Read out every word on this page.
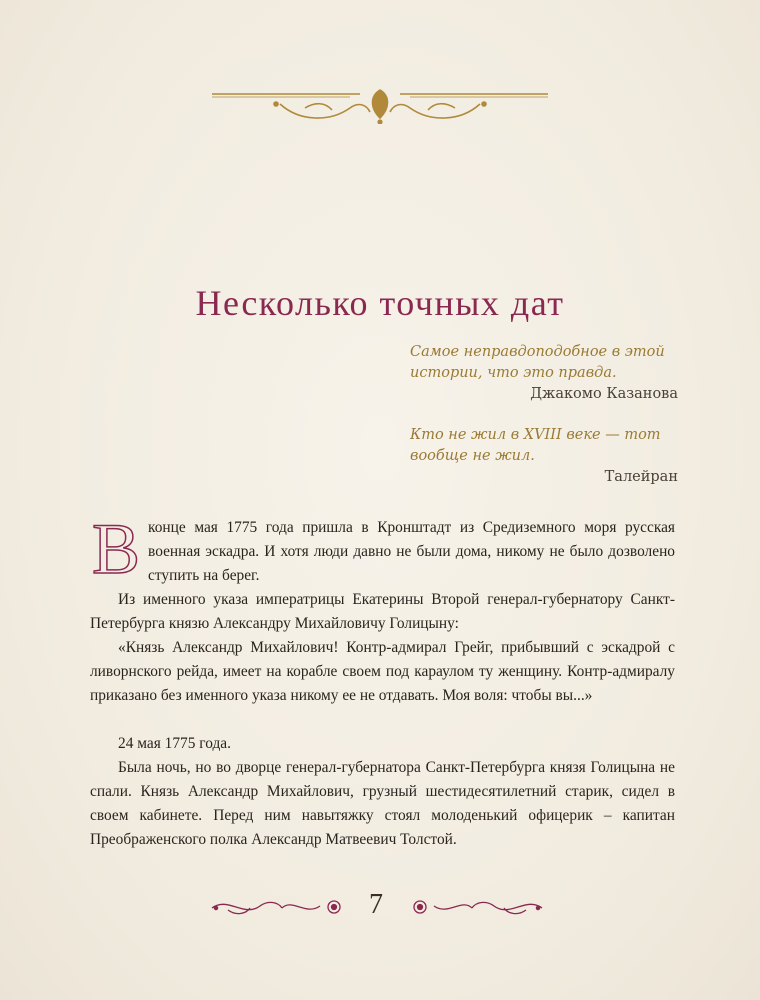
Несколько точных дат

Самое неправдоподобное в этой

истории, что это правда.

Джакомо Казанова

Кто не жил в XVIII веке — тот

вообще не жил.

Талейран

Вконце мая 1775 года пришла в Кронштадт из Средиземного моря русская военная эскадра. И хотя люди давно не были дома, никому не было дозволено ступить на берег.

Из именного указа императрицы Екатерины Второй генерал-губернатору Санкт-Петербурга князю Александру Михайловичу Голицыну:

«Князь Александр Михайлович! Контр-адмирал Грейг, прибывший с эскадрой с ливорнского рейда, имеет на корабле своем под караулом ту женщину. Контр-адмиралу приказано без именного указа никому ее не отдавать. Моя воля: чтобы вы...»

24 мая 1775 года.

Была ночь, но во дворце генерал-губернатора Санкт-Петербурга князя Голицына не спали. Князь Александр Михайлович, грузный шестидесятилетний старик, сидел в своем кабинете. Перед ним навытяжку стоял молоденький офицерик – капитан Преображенского полка Александр Матвеевич Толстой.

7
